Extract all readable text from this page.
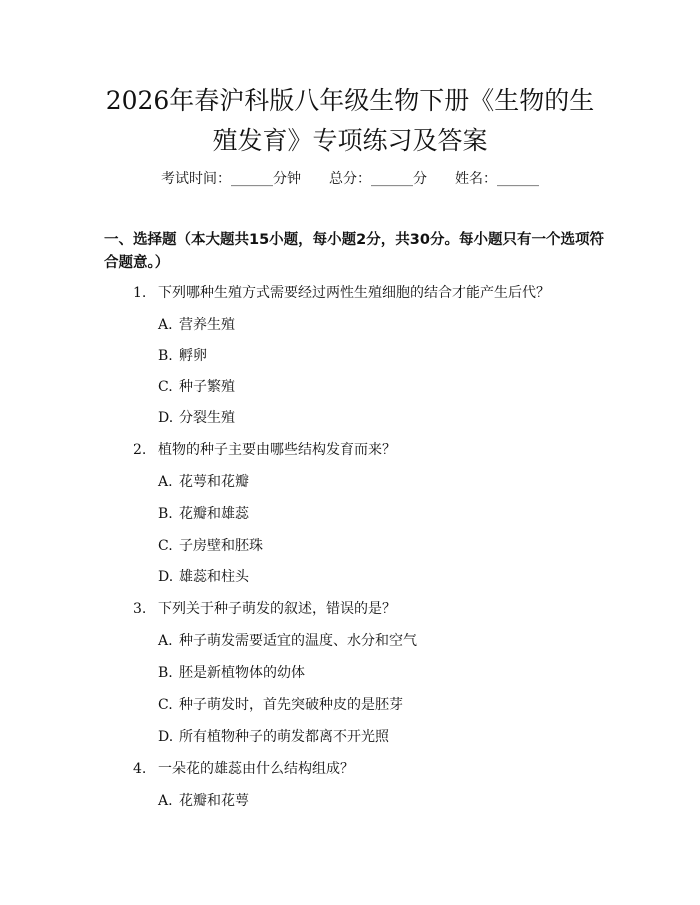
2026年春沪科版八年级生物下册《生物的生
殖发育》专项练习及答案
考试时间：______分钟 总分：______分 姓名：______

一、选择题（本大题共15小题，每小题2分，共30分。每小题只有一个选项符

合题意。）

1. 下列哪种生殖方式需要经过两性生殖细胞的结合才能产生后代？
A. 营养生殖
B. 孵卵
C. 种子繁殖
D. 分裂生殖
2. 植物的种子主要由哪些结构发育而来？
A. 花萼和花瓣
B. 花瓣和雄蕊
C. 子房壁和胚珠
D. 雄蕊和柱头
3. 下列关于种子萌发的叙述，错误的是？
A. 种子萌发需要适宜的温度、水分和空气
B. 胚是新植物体的幼体
C. 种子萌发时，首先突破种皮的是胚芽
D. 所有植物种子的萌发都离不开光照
4. 一朵花的雄蕊由什么结构组成？
A. 花瓣和花萼
